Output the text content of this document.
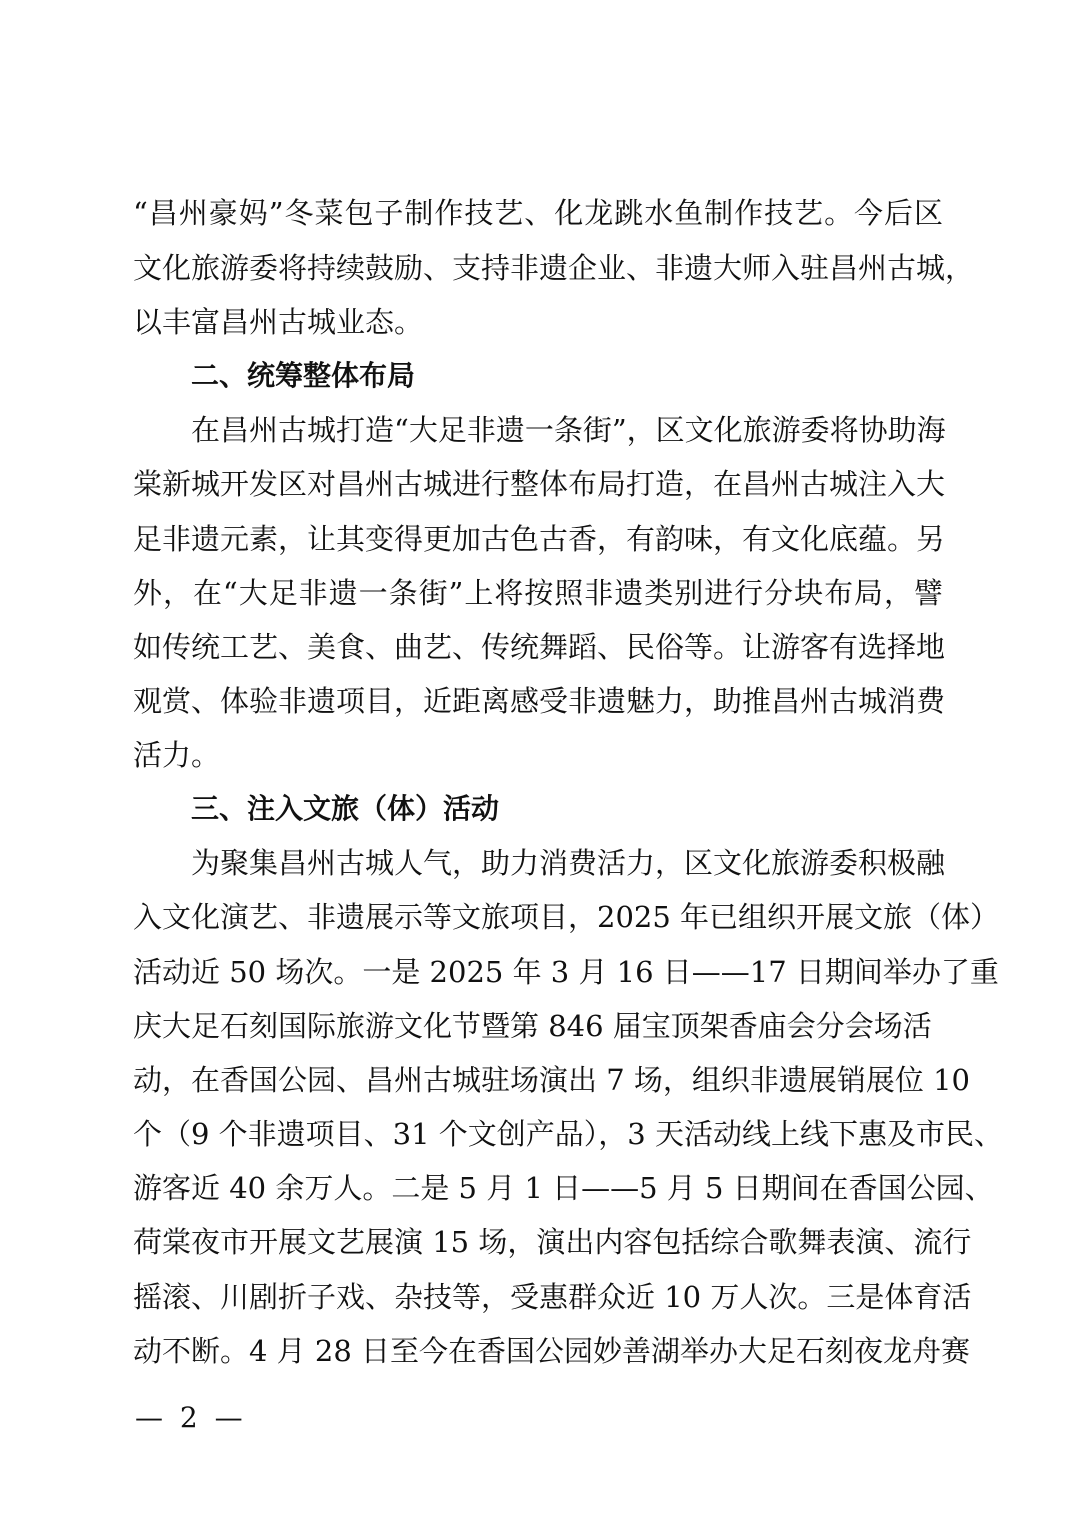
“昌州豪妈”冬菜包子制作技艺、化龙跳水鱼制作技艺。今后区
文化旅游委将持续鼓励、支持非遗企业、非遗大师入驻昌州古城，
以丰富昌州古城业态。
二、统筹整体布局
在昌州古城打造“大足非遗一条街”，区文化旅游委将协助海
棠新城开发区对昌州古城进行整体布局打造，在昌州古城注入大
足非遗元素，让其变得更加古色古香，有韵味，有文化底蕴。另
外，在“大足非遗一条街”上将按照非遗类别进行分块布局，譬
如传统工艺、美食、曲艺、传统舞蹈、民俗等。让游客有选择地
观赏、体验非遗项目，近距离感受非遗魅力，助推昌州古城消费
活力。
三、注入文旅（体）活动
为聚集昌州古城人气，助力消费活力，区文化旅游委积极融
入文化演艺、非遗展示等文旅项目，2025 年已组织开展文旅（体）
活动近 50 场次。一是 2025 年 3 月 16 日——17 日期间举办了重
庆大足石刻国际旅游文化节暨第 846 届宝顶架香庙会分会场活
动，在香国公园、昌州古城驻场演出 7 场，组织非遗展销展位 10
个（9 个非遗项目、31 个文创产品），3 天活动线上线下惠及市民、
游客近 40 余万人。二是 5 月 1 日——5 月 5 日期间在香国公园、
荷棠夜市开展文艺展演 15 场，演出内容包括综合歌舞表演、流行
摇滚、川剧折子戏、杂技等，受惠群众近 10 万人次。三是体育活
动不断。4 月 28 日至今在香国公园妙善湖举办大足石刻夜龙舟赛
— 2 —
